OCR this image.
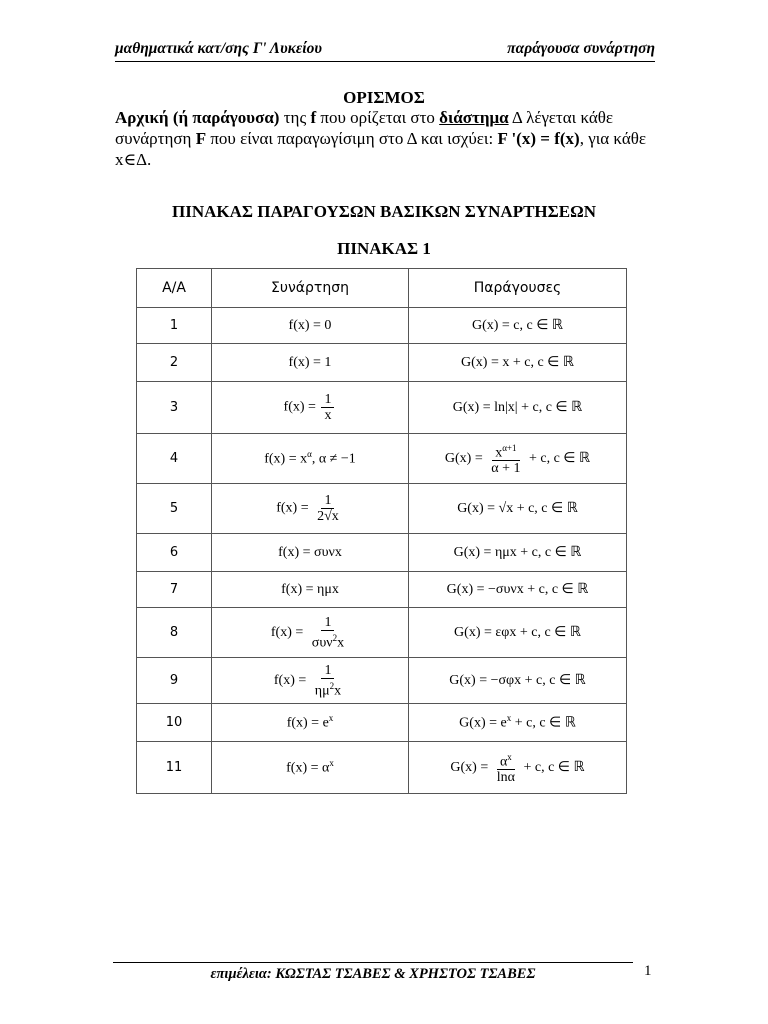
μαθηματικά κατ/σης Γ' Λυκείου	παράγουσα συνάρτηση
ΟΡΙΣΜΟΣ
Αρχική (ή παράγουσα) της f που ορίζεται στο διάστημα Δ λέγεται κάθε συνάρτηση F που είναι παραγωγίσιμη στο Δ και ισχύει: F '(x) = f(x), για κάθε x∈Δ.
ΠΙΝΑΚΑΣ ΠΑΡΑΓΟΥΣΩΝ ΒΑΣΙΚΩΝ ΣΥΝΑΡΤΗΣΕΩΝ
ΠΙΝΑΚΑΣ 1
Α/Α	Συνάρτηση	Παράγουσες
1	f(x) = 0	G(x) = c, c ∈ ℝ
2	f(x) = 1	G(x) = x + c, c ∈ ℝ
3	$f(x) = \frac{1}{x}$	G(x) = ln|x| + c, c ∈ ℝ
4	$f(x) = x^\alpha$, α ≠ −1	$G(x) = \frac{x^{\alpha+1}}{\alpha + 1} + c$, c ∈ ℝ
5	$f(x) = \frac{1}{2√x}$	G(x) = √x + c, c ∈ ℝ
6	f(x) = συνx	G(x) = ημx + c, c ∈ ℝ
7	f(x) = ημx	G(x) = −συνx + c, c ∈ ℝ
8	$f(x) = \frac{1}{\sigma\upsilon\nu^2x}$	G(x) = εφx + c, c ∈ ℝ
9	$f(x) = \frac{1}{\eta\mu^2x}$	G(x) = −σφx + c, c ∈ ℝ
10	$f(x) = e^x$	$G(x) = e^x + c$, c ∈ ℝ
11	$f(x) = \alpha^x$	$G(x) = \frac{\alpha^x}{\ln\alpha} + c$, c ∈ ℝ
επιμέλεια: ΚΩΣΤΑΣ ΤΣΑΒΕΣ & ΧΡΗΣΤΟΣ ΤΣΑΒΕΣ	1
